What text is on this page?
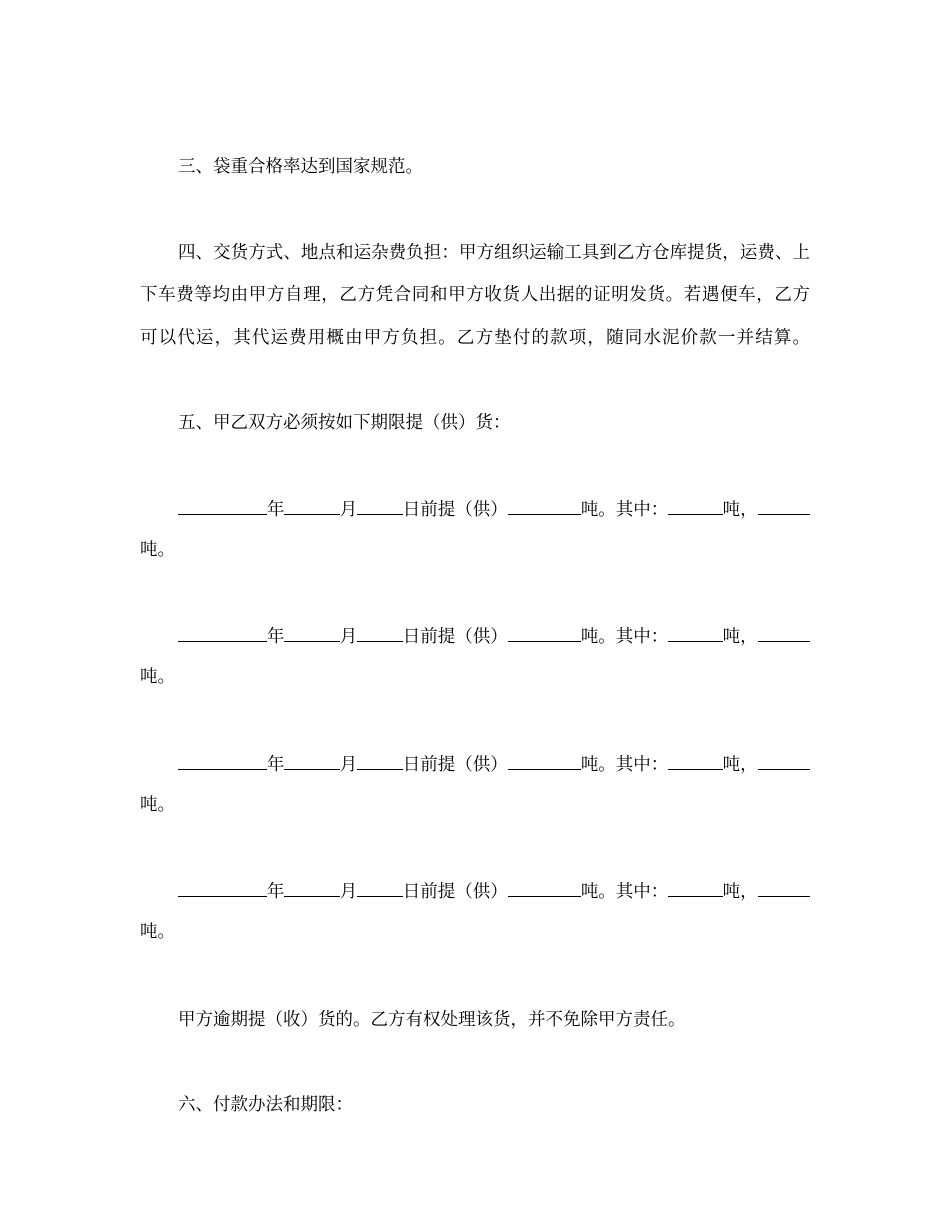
三、袋重合格率达到国家规范。
四、交货方式、地点和运杂费负担：甲方组织运输工具到乙方仓库提货，运费、上
下车费等均由甲方自理，乙方凭合同和甲方收货人出据的证明发货。若遇便车，乙方
可以代运，其代运费用概由甲方负担。乙方垫付的款项，随同水泥价款一并结算。
五、甲乙双方必须按如下期限提（供）货：
年	月	日前提（供）	吨。其中：	吨，
吨。
年	月	日前提（供）	吨。其中：	吨，
吨。
年	月	日前提（供）	吨。其中：	吨，
吨。
年	月	日前提（供）	吨。其中：	吨，
吨。
甲方逾期提（收）货的。乙方有权处理该货，并不免除甲方责任。
六、付款办法和期限：
